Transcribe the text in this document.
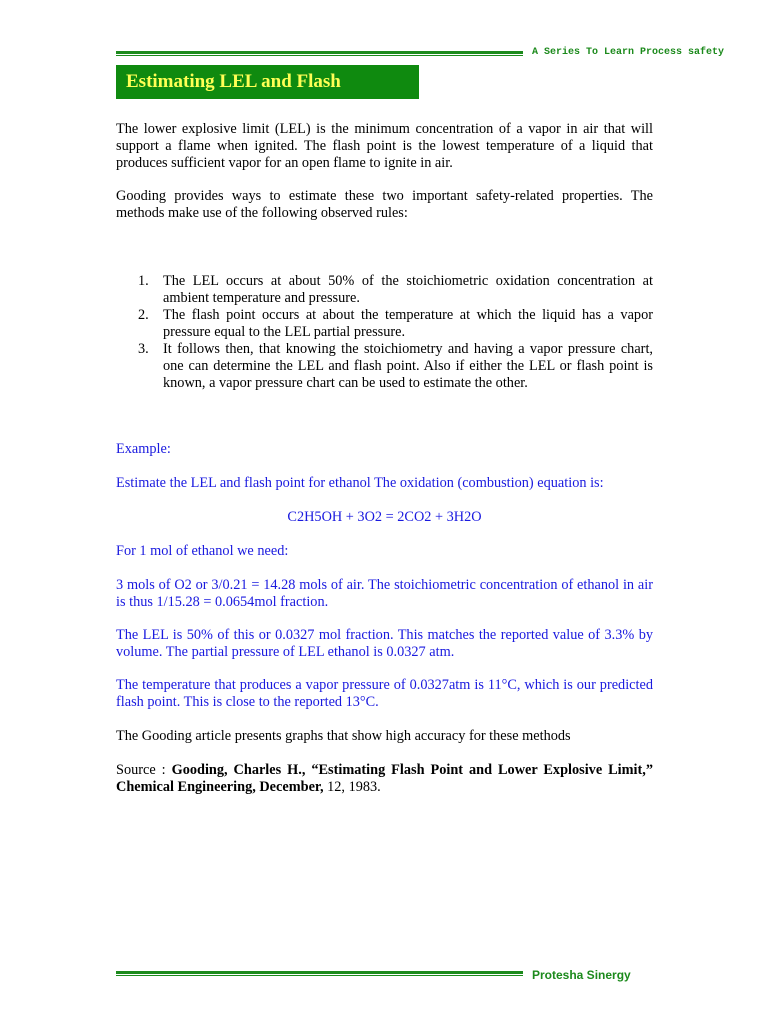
A Series To Learn Process safety
Estimating LEL and Flash

The lower explosive limit (LEL) is the minimum concentration of a vapor in air that will support a flame when ignited. The flash point is the lowest temperature of a liquid that produces sufficient vapor for an open flame to ignite in air.

Gooding provides ways to estimate these two important safety-related properties. The methods make use of the following observed rules:

1. The LEL occurs at about 50% of the stoichiometric oxidation concentration at ambient temperature and pressure.
2. The flash point occurs at about the temperature at which the liquid has a vapor pressure equal to the LEL partial pressure.
3. It follows then, that knowing the stoichiometry and having a vapor pressure chart, one can determine the LEL and flash point. Also if either the LEL or flash point is known, a vapor pressure chart can be used to estimate the other.

Example:

Estimate the LEL and flash point for ethanol The oxidation (combustion) equation is:

C2H5OH + 3O2 = 2CO2 + 3H2O

For 1 mol of ethanol we need:

3 mols of O2 or 3/0.21 = 14.28 mols of air. The stoichiometric concentration of ethanol in air is thus 1/15.28 = 0.0654mol fraction.

The LEL is 50% of this or 0.0327 mol fraction. This matches the reported value of 3.3% by volume. The partial pressure of LEL ethanol is 0.0327 atm.

The temperature that produces a vapor pressure of 0.0327atm is 11°C, which is our predicted flash point. This is close to the reported 13°C.

The Gooding article presents graphs that show high accuracy for these methods

Source : Gooding, Charles H., “Estimating Flash Point and Lower Explosive Limit,” Chemical Engineering, December, 12, 1983.

Protesha Sinergy
